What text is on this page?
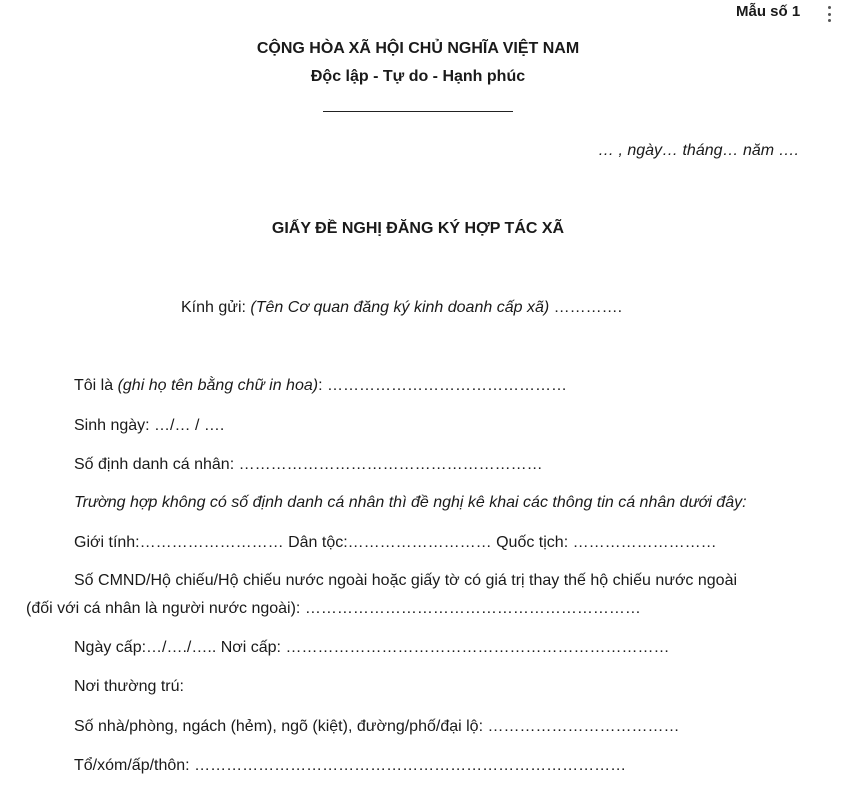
Mẫu số 1
CỘNG HÒA XÃ HỘI CHỦ NGHĨA VIỆT NAM
Độc lập - Tự do - Hạnh phúc
… , ngày… tháng… năm ….
GIẤY ĐỀ NGHỊ ĐĂNG KÝ HỢP TÁC XÃ
Kính gửi: (Tên Cơ quan đăng ký kinh doanh cấp xã) ………….
Tôi là (ghi họ tên bằng chữ in hoa): ………………………………………
Sinh ngày: …/… / ….
Số định danh cá nhân: …………………………………………………
Trường hợp không có số định danh cá nhân thì đề nghị kê khai các thông tin cá nhân dưới đây:
Giới tính:……………………… Dân tộc:……………………… Quốc tịch: ………………………
Số CMND/Hộ chiếu/Hộ chiếu nước ngoài hoặc giấy tờ có giá trị thay thế hộ chiếu nước ngoài
(đối với cá nhân là người nước ngoài): ………………………………………………………
Ngày cấp:…/…./….. Nơi cấp: ………………………………………………………………
Nơi thường trú:
Số nhà/phòng, ngách (hẻm), ngõ (kiệt), đường/phố/đại lộ: ………………………………
Tổ/xóm/ấp/thôn: ………………………………………………………………………
